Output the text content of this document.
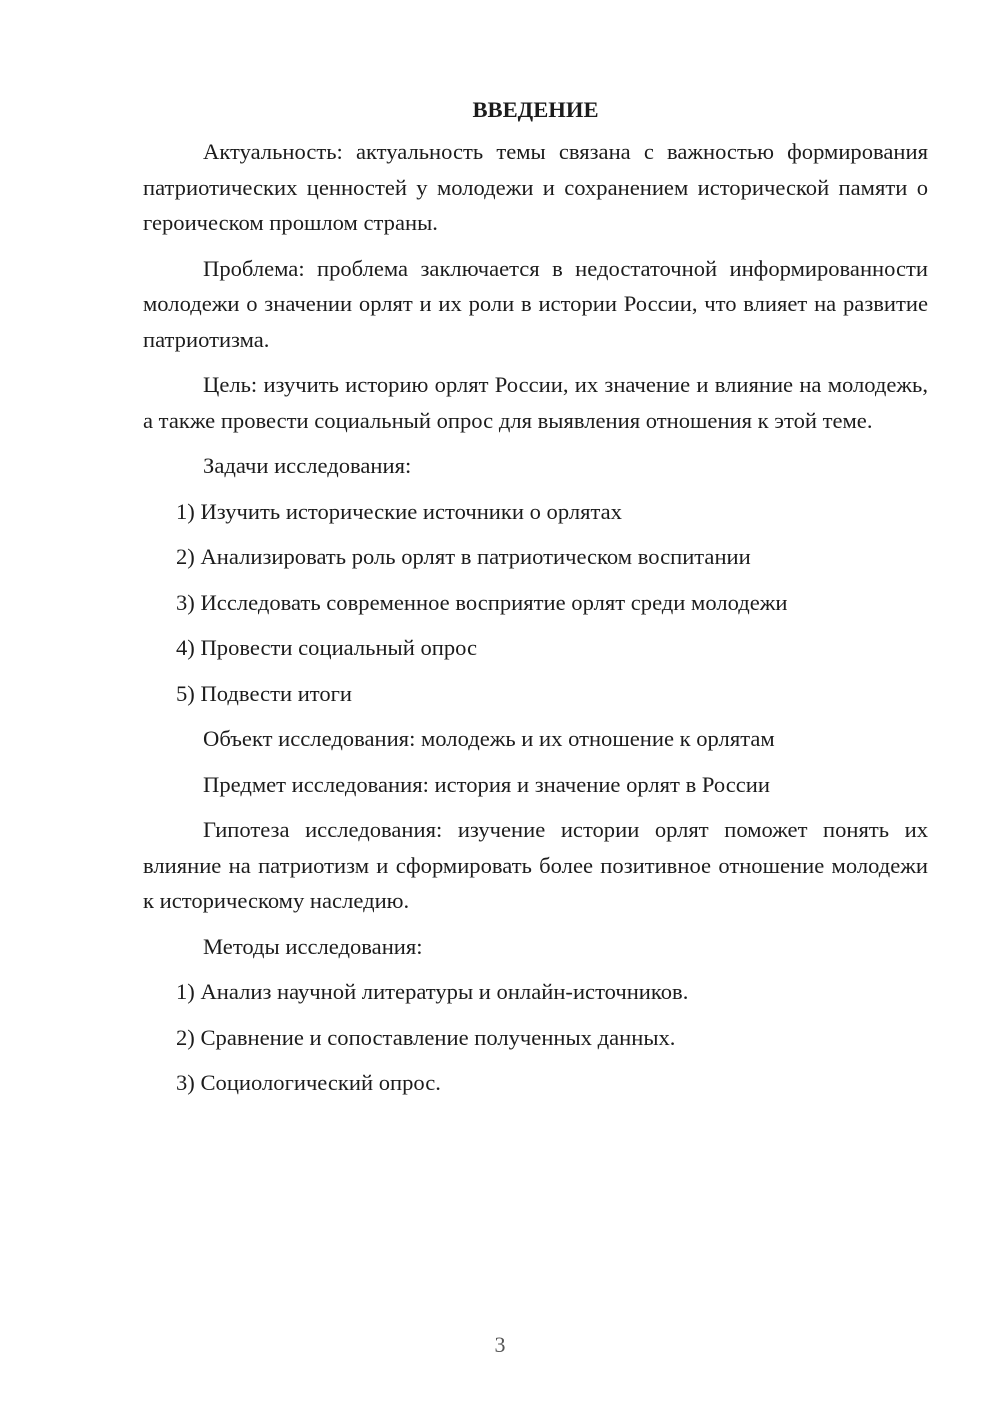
ВВЕДЕНИЕ

Актуальность: актуальность темы связана с важностью формирования патриотических ценностей у молодежи и сохранением исторической памяти о героическом прошлом страны.

Проблема: проблема заключается в недостаточной информированности молодежи о значении орлят и их роли в истории России, что влияет на развитие патриотизма.

Цель: изучить историю орлят России, их значение и влияние на молодежь, а также провести социальный опрос для выявления отношения к этой теме.

Задачи исследования:
1) Изучить исторические источники о орлятах
2) Анализировать роль орлят в патриотическом воспитании
3) Исследовать современное восприятие орлят среди молодежи
4) Провести социальный опрос
5) Подвести итоги
Объект исследования: молодежь и их отношение к орлятам
Предмет исследования: история и значение орлят в России

Гипотеза исследования: изучение истории орлят поможет понять их влияние на патриотизм и сформировать более позитивное отношение молодежи к историческому наследию.

Методы исследования:
1) Анализ научной литературы и онлайн-источников.
2) Сравнение и сопоставление полученных данных.
3) Социологический опрос.
3
